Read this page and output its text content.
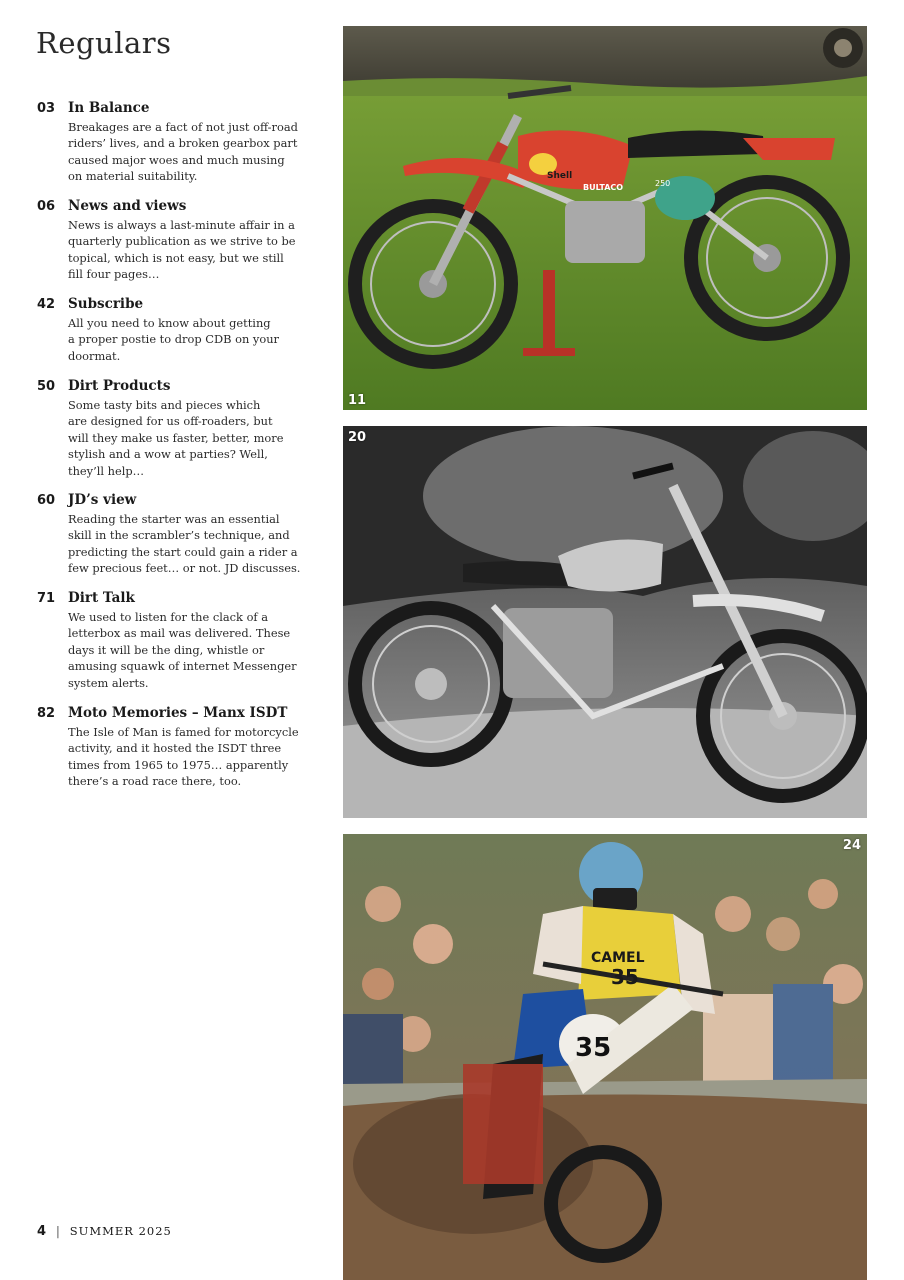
Regulars
03 In Balance
Breakages are a fact of not just off-road
riders’ lives, and a broken gearbox part
caused major woes and much musing
on material suitability.
06 News and views
News is always a last-minute affair in a
quarterly publication as we strive to be
topical, which is not easy, but we still
fill four pages…
42 Subscribe
All you need to know about getting
a proper postie to drop CDB on your
doormat.
50 Dirt Products
Some tasty bits and pieces which
are designed for us off-roaders, but
will they make us faster, better, more
stylish and a wow at parties? Well,
they’ll help…
60 JD’s view
Reading the starter was an essential
skill in the scrambler’s technique, and
predicting the start could gain a rider a
few precious feet… or not. JD discusses.
71 Dirt Talk
We used to listen for the clack of a
letterbox as mail was delivered. These
days it will be the ding, whistle or
amusing squawk of internet Messenger
system alerts.
82 Moto Memories – Manx ISDT
The Isle of Man is famed for motorcycle
activity, and it hosted the ISDT three
times from 1965 to 1975… apparently
there’s a road race there, too.
4 | SUMMER 2025
Shell
BULTACO	250
11
20
CAMEL
35
35
24
